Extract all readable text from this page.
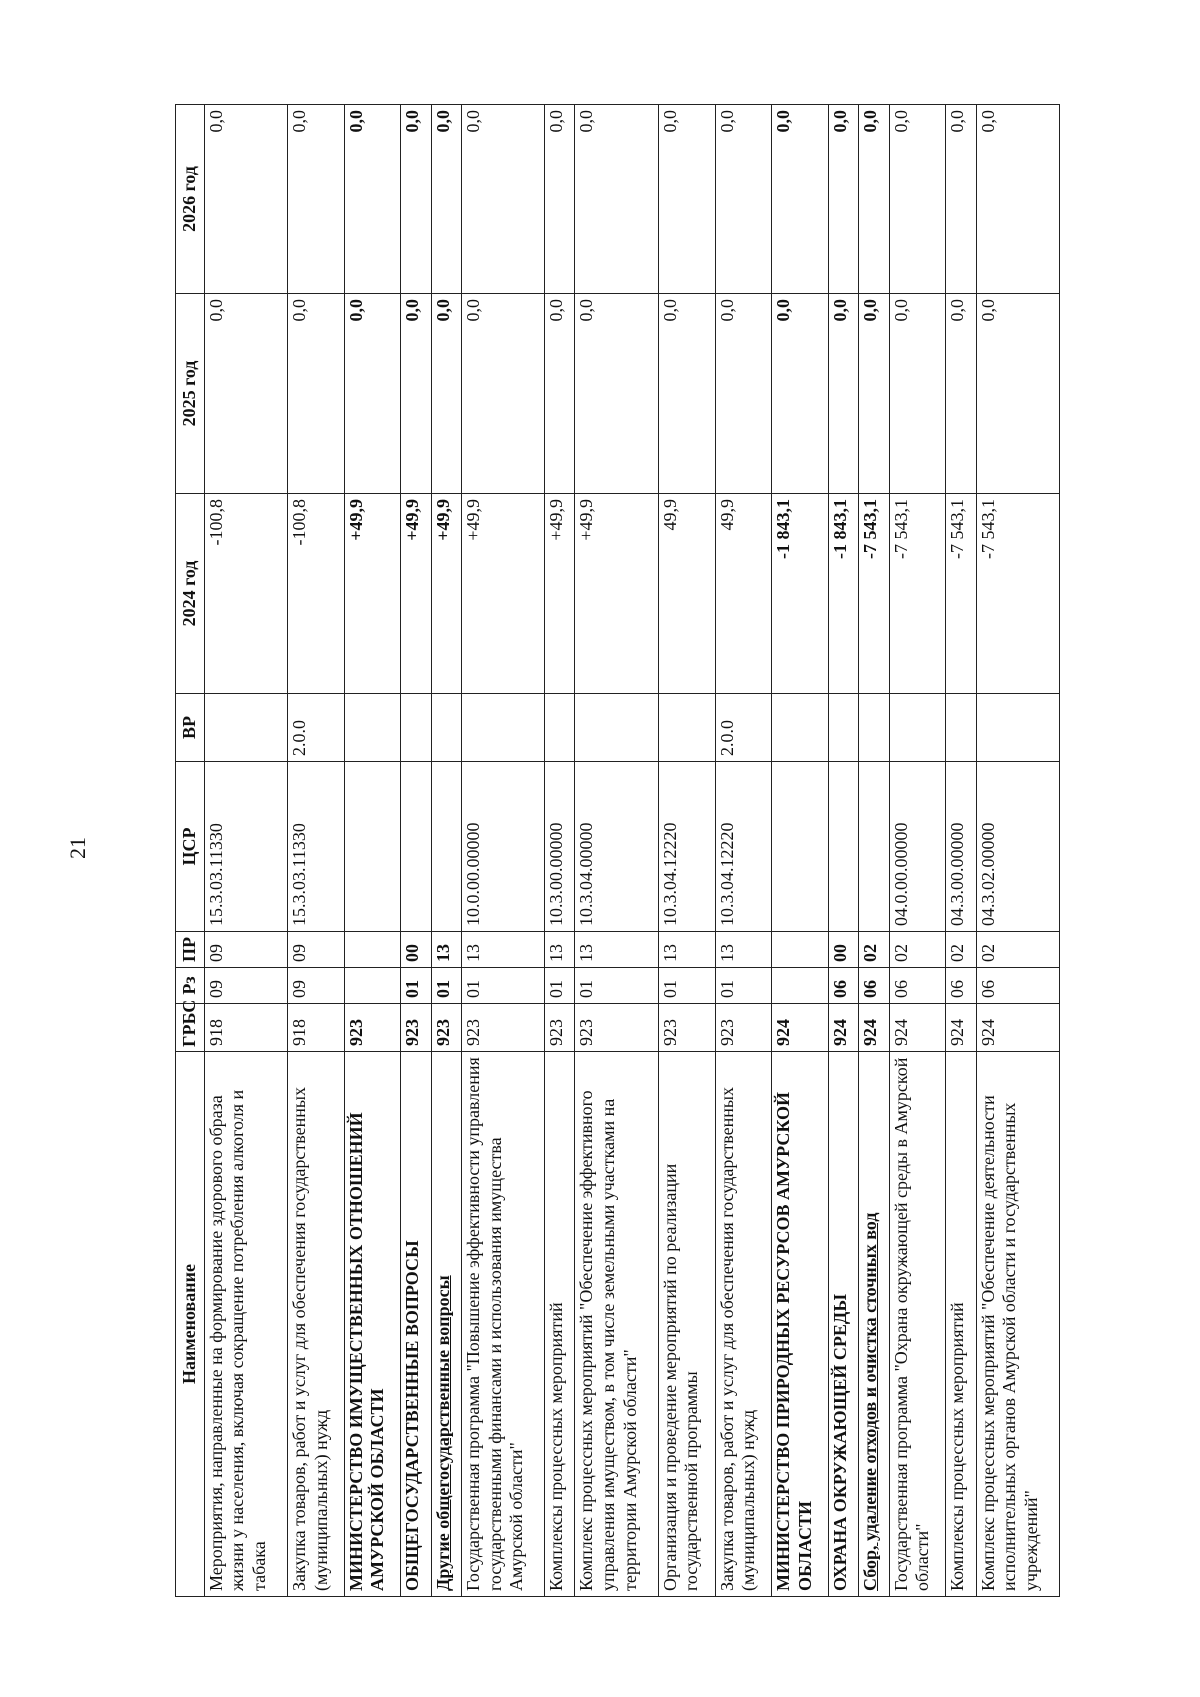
21
Наименование	ГРБС	Рз	ПР	ЦСР	ВР	2024 год	2025 год	2026 год
Мероприятия, направленные на формирование здорового образа жизни у населения, включая сокращение потребления алкоголя и табака	918	09	09	15.3.03.11330		-100,8	0,0	0,0
Закупка товаров, работ и услуг для обеспечения государственных (муниципальных) нужд	918	09	09	15.3.03.11330	2.0.0	-100,8	0,0	0,0
МИНИСТЕРСТВО ИМУЩЕСТВЕННЫХ ОТНОШЕНИЙ АМУРСКОЙ ОБЛАСТИ	923					+49,9	0,0	0,0
ОБЩЕГОСУДАРСТВЕННЫЕ ВОПРОСЫ	923	01	00			+49,9	0,0	0,0
Другие общегосударственные вопросы	923	01	13			+49,9	0,0	0,0
Государственная программа "Повышение эффективности управления государственными финансами и использования имущества Амурской области"	923	01	13	10.0.00.00000		+49,9	0,0	0,0
Комплексы процессных мероприятий	923	01	13	10.3.00.00000		+49,9	0,0	0,0
Комплекс процессных мероприятий "Обеспечение эффективного управления имуществом, в том числе земельными участками на территории Амурской области"	923	01	13	10.3.04.00000		+49,9	0,0	0,0
Организация и проведение мероприятий по реализации государственной программы	923	01	13	10.3.04.12220		49,9	0,0	0,0
Закупка товаров, работ и услуг для обеспечения государственных (муниципальных) нужд	923	01	13	10.3.04.12220	2.0.0	49,9	0,0	0,0
МИНИСТЕРСТВО ПРИРОДНЫХ РЕСУРСОВ АМУРСКОЙ ОБЛАСТИ	924					-1 843,1	0,0	0,0
ОХРАНА ОКРУЖАЮЩЕЙ СРЕДЫ	924	06	00			-1 843,1	0,0	0,0
Сбор, удаление отходов и очистка сточных вод	924	06	02			-7 543,1	0,0	0,0
Государственная программа "Охрана окружающей среды в Амурской области"	924	06	02	04.0.00.00000		-7 543,1	0,0	0,0
Комплексы процессных мероприятий	924	06	02	04.3.00.00000		-7 543,1	0,0	0,0
Комплекс процессных мероприятий "Обеспечение деятельности исполнительных органов Амурской области и государственных учреждений"	924	06	02	04.3.02.00000		-7 543,1	0,0	0,0
